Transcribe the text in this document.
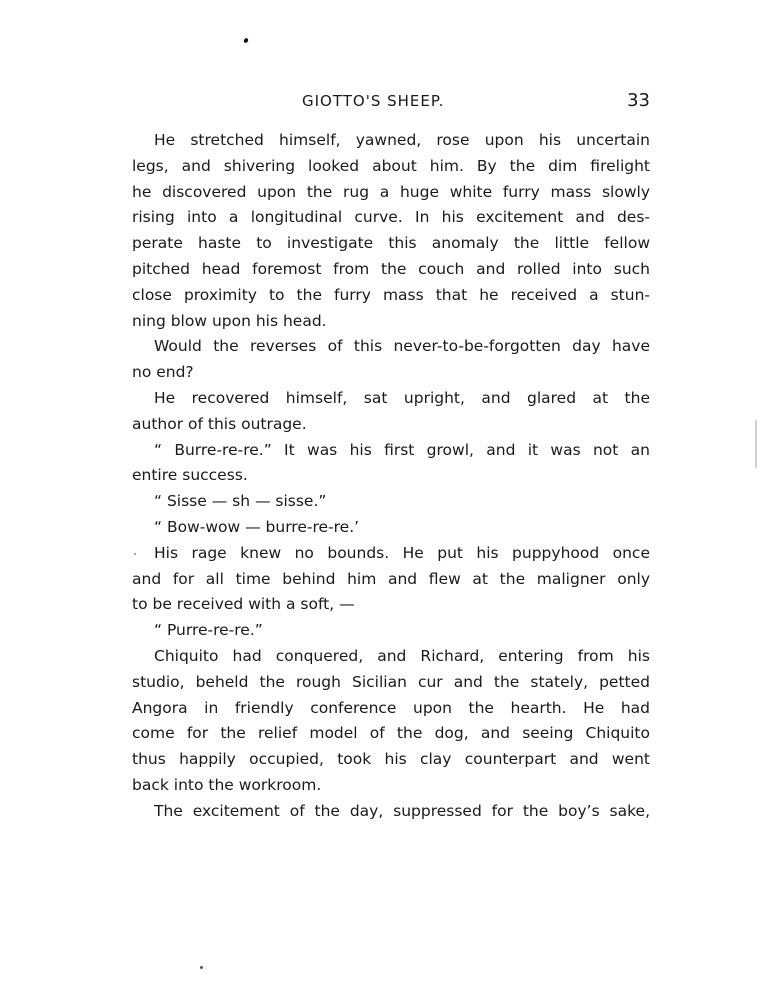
GIOTTO'S SHEEP.	33
He stretched himself, yawned, rose upon his uncertain
legs, and shivering looked about him. By the dim firelight
he discovered upon the rug a huge white furry mass slowly
rising into a longitudinal curve. In his excitement and des-
perate haste to investigate this anomaly the little fellow
pitched head foremost from the couch and rolled into such
close proximity to the furry mass that he received a stun-
ning blow upon his head.
Would the reverses of this never-to-be-forgotten day have
no end?
He recovered himself, sat upright, and glared at the
author of this outrage.
“ Burre-re-re.” It was his first growl, and it was not an
entire success.
“ Sisse — sh — sisse.”
“ Bow-wow — burre-re-re.’
His rage knew no bounds. He put his puppyhood once
and for all time behind him and flew at the maligner only
to be received with a soft, —
“ Purre-re-re.”
Chiquito had conquered, and Richard, entering from his
studio, beheld the rough Sicilian cur and the stately, petted
Angora in friendly conference upon the hearth. He had
come for the relief model of the dog, and seeing Chiquito
thus happily occupied, took his clay counterpart and went
back into the workroom.
The excitement of the day, suppressed for the boy’s sake,
